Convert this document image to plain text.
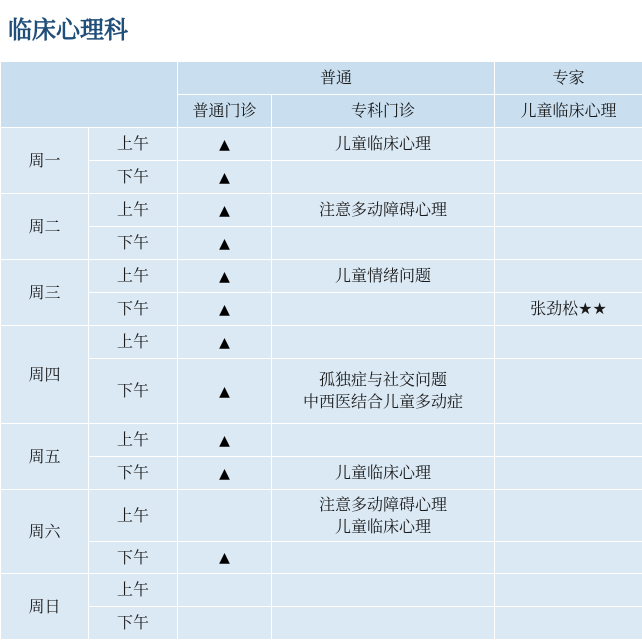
临床心理科
		普通		专家
		普通门诊	专科门诊	儿童临床心理
周一	上午	▲	儿童临床心理	

	下午	▲		
周二	上午	▲	注意多动障碍心理	

	下午	▲		
周三	上午	▲	儿童情绪问题	

	下午	▲		张劲松★★
周四	上午	▲		
	下午	▲	孤独症与社交问题
中西医结合儿童多动症	

周五	上午	▲		
	下午	▲	儿童临床心理	

周六	上午		注意多动障碍心理
儿童临床心理	

	下午	▲		
周日	上午			
	下午			
